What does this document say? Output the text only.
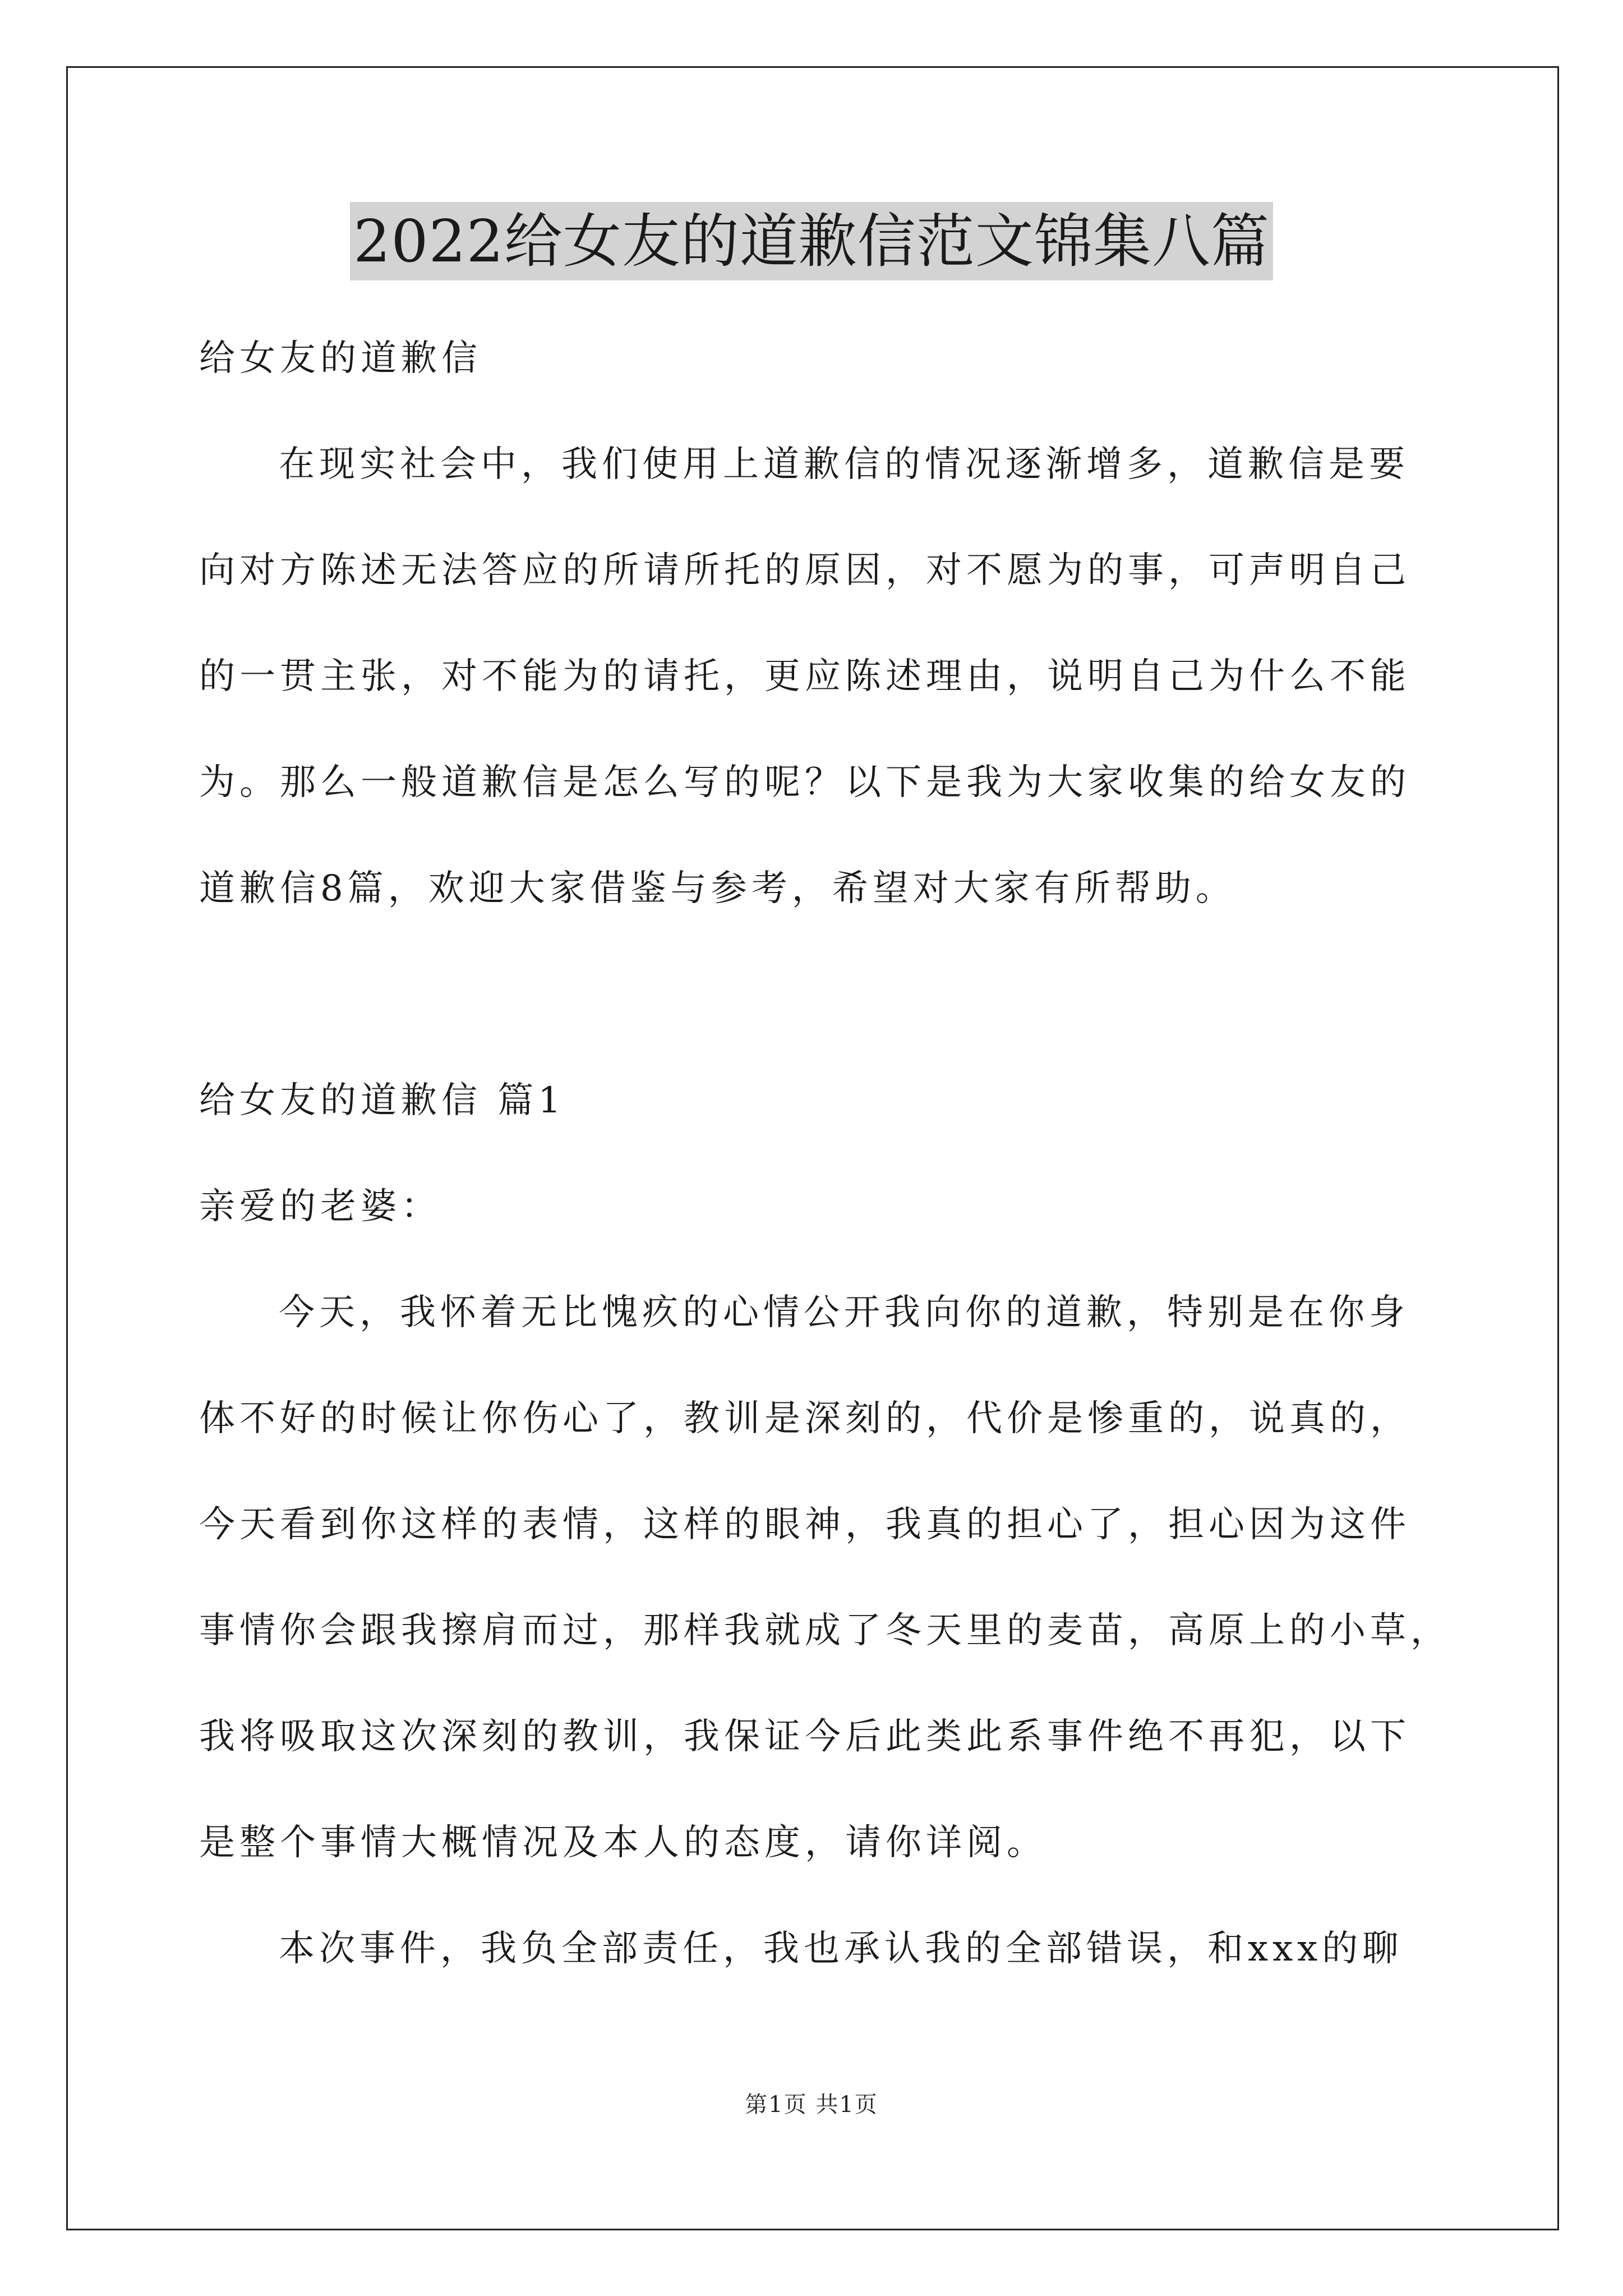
2022给女友的道歉信范文锦集八篇
给女友的道歉信
在现实社会中，我们使用上道歉信的情况逐渐增多，道歉信是要
向对方陈述无法答应的所请所托的原因，对不愿为的事，可声明自己
的一贯主张，对不能为的请托，更应陈述理由，说明自己为什么不能
为。那么一般道歉信是怎么写的呢？以下是我为大家收集的给女友的
道歉信8篇，欢迎大家借鉴与参考，希望对大家有所帮助。
给女友的道歉信 篇1
亲爱的老婆：
今天，我怀着无比愧疚的心情公开我向你的道歉，特别是在你身
体不好的时候让你伤心了，教训是深刻的，代价是惨重的，说真的，
今天看到你这样的表情，这样的眼神，我真的担心了，担心因为这件
事情你会跟我擦肩而过，那样我就成了冬天里的麦苗，高原上的小草，
我将吸取这次深刻的教训，我保证今后此类此系事件绝不再犯，以下
是整个事情大概情况及本人的态度，请你详阅。
本次事件，我负全部责任，我也承认我的全部错误，和xxx的聊
第1页 共1页
